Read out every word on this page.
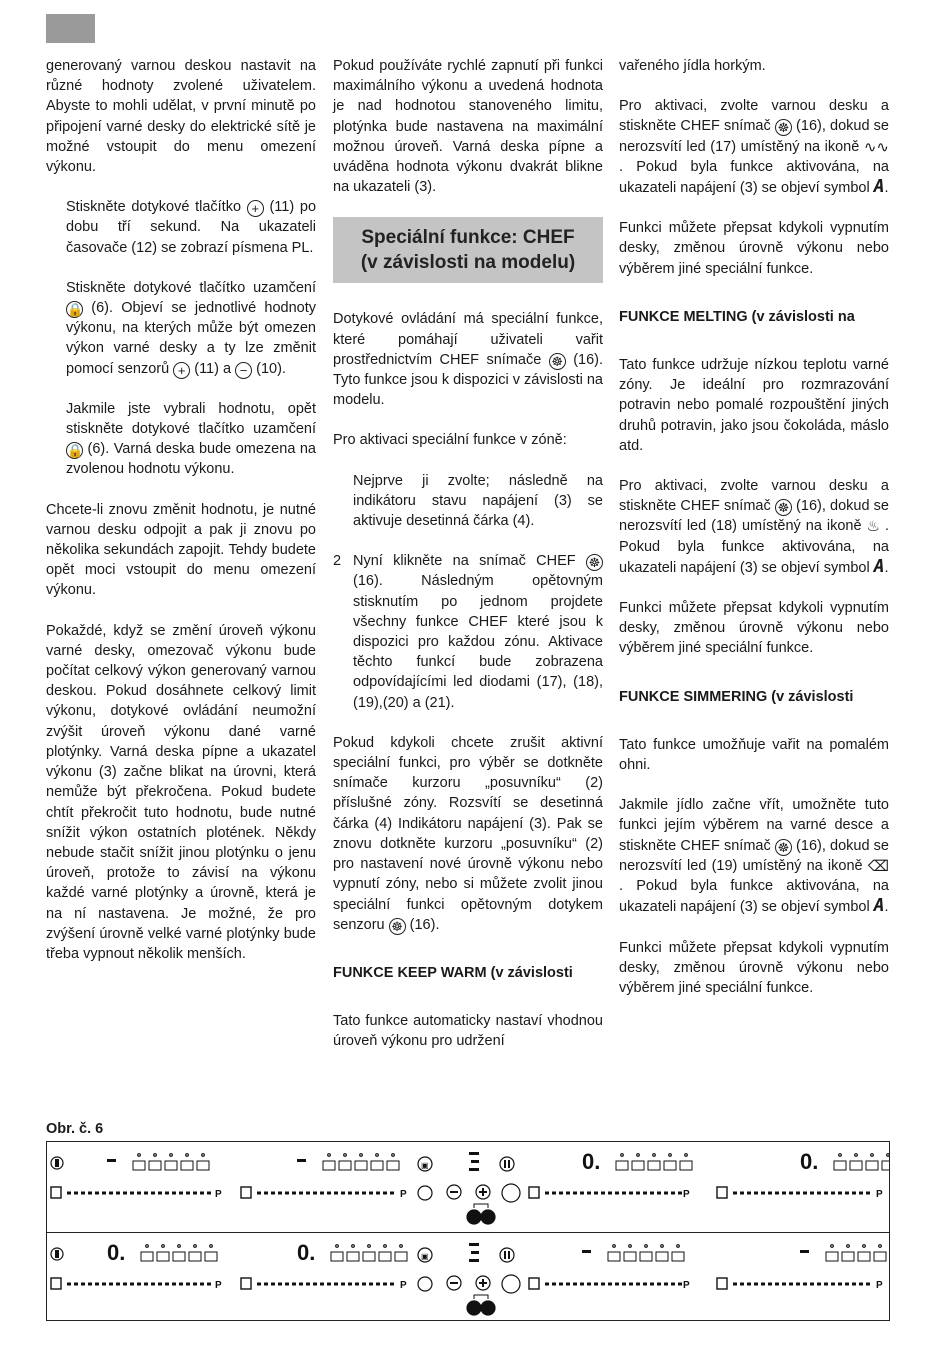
generovaný varnou deskou nastavit na různé hodnoty zvolené uživatelem. Abyste to mohli udělat, v první minutě po připojení varné desky do elektrické sítě je možné vstoupit do menu omezení výkonu.

Stiskněte dotykové tlačítko + (11) po dobu tří sekund. Na ukazateli časovače (12) se zobrazí písmena PL.

Stiskněte dotykové tlačítko uzamčení 🔒 (6). Objeví se jednotlivé hodnoty výkonu, na kterých může být omezen výkon varné desky a ty lze změnit pomocí senzorů + (11) a − (10).

Jakmile jste vybrali hodnotu, opět stiskněte dotykové tlačítko uzamčení 🔒 (6). Varná deska bude omezena na zvolenou hodnotu výkonu.

Chcete-li znovu změnit hodnotu, je nutné varnou desku odpojit a pak ji znovu po několika sekundách zapojit. Tehdy budete opět moci vstoupit do menu omezení výkonu.

Pokaždé, když se změní úroveň výkonu varné desky, omezovač výkonu bude počítat celkový výkon generovaný varnou deskou. Pokud dosáhnete celkový limit výkonu, dotykové ovládání neumožní zvýšit úroveň výkonu dané varné plotýnky. Varná deska pípne a ukazatel výkonu (3) začne blikat na úrovni, která nemůže být překročena. Pokud budete chtít překročit tuto hodnotu, bude nutné snížit výkon ostatních plotének. Někdy nebude stačit snížit jinou plotýnku o jenu úroveň, protože to závisí na výkonu každé varné plotýnky a úrovně, která je na ní nastavena. Je možné, že pro zvýšení úrovně velké varné plotýnky bude třeba vypnout několik menších.

Pokud používáte rychlé zapnutí při funkci maximálního výkonu a uvedená hodnota je nad hodnotou stanoveného limitu, plotýnka bude nastavena na maximální možnou úroveň. Varná deska pípne a uváděna hodnota výkonu dvakrát blikne na ukazateli (3).

Speciální funkce: CHEF
(v závislosti na modelu)

Dotykové ovládání má speciální funkce, které pomáhají uživateli vařit prostřednictvím CHEF snímače ☸ (16). Tyto funkce jsou k dispozici v závislosti na modelu.

Pro aktivaci speciální funkce v zóně:

Nejprve ji zvolte; následně na indikátoru stavu napájení (3) se aktivuje desetinná čárka (4).

2 Nyní klikněte na snímač CHEF ☸ (16). Následným opětovným stisknutím po jednom projdete všechny funkce CHEF které jsou k dispozici pro každou zónu. Aktivace těchto funkcí bude zobrazena odpovídajícími led diodami (17), (18), (19),(20) a (21).

Pokud kdykoli chcete zrušit aktivní speciální funkci, pro výběr se dotkněte snímače kurzoru „posuvníku“ (2) příslušné zóny. Rozsvítí se desetinná čárka (4) Indikátoru napájení (3). Pak se znovu dotkněte kurzoru „posuvníku“ (2) pro nastavení nové úrovně výkonu nebo vypnutí zóny, nebo si můžete zvolit jinou speciální funkci opětovným dotykem senzoru ☸ (16).

FUNKCE KEEP WARM (v závislosti

Tato funkce automaticky nastaví vhodnou úroveň výkonu pro udržení

vařeného jídla horkým.

Pro aktivaci, zvolte varnou desku a stiskněte CHEF snímač ☸ (16), dokud se nerozsvítí led (17) umístěný na ikoně ∿∿ . Pokud byla funkce aktivována, na ukazateli napájení (3) se objeví symbol A.

Funkci můžete přepsat kdykoli vypnutím desky, změnou úrovně výkonu nebo výběrem jiné speciální funkce.

FUNKCE MELTING (v závislosti na

Tato funkce udržuje nízkou teplotu varné zóny. Je ideální pro rozmrazování potravin nebo pomalé rozpouštění jiných druhů potravin, jako jsou čokoláda, máslo atd.

Pro aktivaci, zvolte varnou desku a stiskněte CHEF snímač ☸ (16), dokud se nerozsvítí led (18) umístěný na ikoně ♨ . Pokud byla funkce aktivována, na ukazateli napájení (3) se objeví symbol A.

Funkci můžete přepsat kdykoli vypnutím desky, změnou úrovně výkonu nebo výběrem jiné speciální funkce.

FUNKCE SIMMERING (v závislosti

Tato funkce umožňuje vařit na pomalém ohni.

Jakmile jídlo začne vřít, umožněte tuto funkci jejím výběrem na varné desce a stiskněte CHEF snímač ☸ (16), dokud se nerozsvítí led (19) umístěný na ikoně ⌫ . Pokud byla funkce aktivována, na ukazateli napájení (3) se objeví symbol A.

Funkci můžete přepsat kdykoli vypnutím desky, změnou úrovně výkonu nebo výběrem jiné speciální funkce.

Obr. č. 6
▣	0.	0.
P	P	P	P
0.	0.	▣
P	P	P	P
